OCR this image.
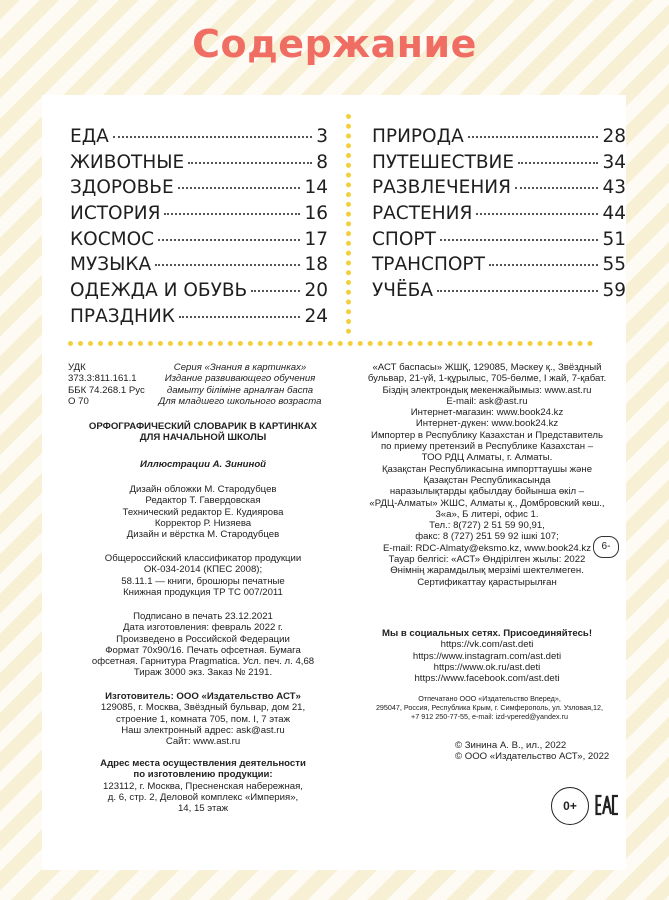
Содержание
ЕДА	3
ЖИВОТНЫЕ	8
ЗДОРОВЬЕ	14
ИСТОРИЯ	16
КОСМОС	17
МУЗЫКА	18
ОДЕЖДА И ОБУВЬ	20
ПРАЗДНИК	24
ПРИРОДА	28
ПУТЕШЕСТВИЕ	34
РАЗВЛЕЧЕНИЯ	43
РАСТЕНИЯ	44
СПОРТ	51
ТРАНСПОРТ	55
УЧЁБА	59
УДК 373.3:811.161.1
ББК 74.268.1 Рус
О 70
Серия «Знания в картинках»
Издание развивающего обучения
дамыту біліміне арналған баспа
Для младшего школьного возраста
ОРФОГРАФИЧЕСКИЙ СЛОВАРИК В КАРТИНКАХ
ДЛЯ НАЧАЛЬНОЙ ШКОЛЫ
Иллюстрации А. Зининой
Дизайн обложки М. Стародубцев
Редактор Т. Гавердовская
Технический редактор Е. Кудиярова
Корректор Р. Низяева
Дизайн и вёрстка М. Стародубцев
Общероссийский классификатор продукции
ОК-034-2014 (КПЕС 2008);
58.11.1 — книги, брошюры печатные
Книжная продукция ТР ТС 007/2011
Подписано в печать 23.12.2021
Дата изготовления: февраль 2022 г.
Произведено в Российской Федерации
Формат 70х90/16. Печать офсетная. Бумага
офсетная. Гарнитура Pragmatica. Усл. печ. л. 4,68
Тираж 3000 экз. Заказ № 2191.
Изготовитель: ООО «Издательство АСТ»
129085, г. Москва, Звёздный бульвар, дом 21,
строение 1, комната 705, пом. I, 7 этаж
Наш электронный адрес: ask@ast.ru
Сайт: www.ast.ru
Адрес места осуществления деятельности
по изготовлению продукции:
123112, г. Москва, Пресненская набережная,
д. 6, стр. 2, Деловой комплекс «Империя»,
14, 15 этаж
«АСТ баспасы» ЖШҚ, 129085, Мәскеу қ., Звёздный
бульвар, 21-үй, 1-құрылыс, 705-бөлме, І жай, 7-қабат.
Біздің электрондық мекенжайымыз: www.ast.ru
E-mail: ask@ast.ru
Интернет-магазин: www.book24.kz
Интернет-дүкен: www.book24.kz
Импортер в Республику Казахстан и Представитель
по приему претензий в Республике Казахстан –
ТОО РДЦ Алматы, г. Алматы.
Қазақстан Республикасына импорттаушы және
Қазақстан Республикасында
наразылықтарды қабылдау бойынша өкіл –
«РДЦ-Алматы» ЖШС, Алматы қ., Домбровский көш.,
3«а», Б литері, офис 1.
Тел.: 8(727) 2 51 59 90,91,
факс: 8 (727) 251 59 92 ішкі 107;
E-mail: RDC-Almaty@eksmo.kz, www.book24.kz
Тауар белгісі: «АСТ» Өндірілген жылы: 2022
Өнімнің жарамдылық мерзімі шектелмеген.
Сертификаттау қарастырылған
6-
Мы в социальных сетях. Присоединяйтесь!
https://vk.com/ast.deti
https://www.instagram.com/ast.deti
https://www.ok.ru/ast.deti
https://www.facebook.com/ast.deti
Отпечатано ООО «Издательство Вперед»,
295047, Россия, Республика Крым, г. Симферополь, ул. Узловая,12,
+7 912 250-77-55, e-mail: izd-vpered@yandex.ru
© Зинина А. В., ил., 2022
© ООО «Издательство АСТ», 2022
0+
